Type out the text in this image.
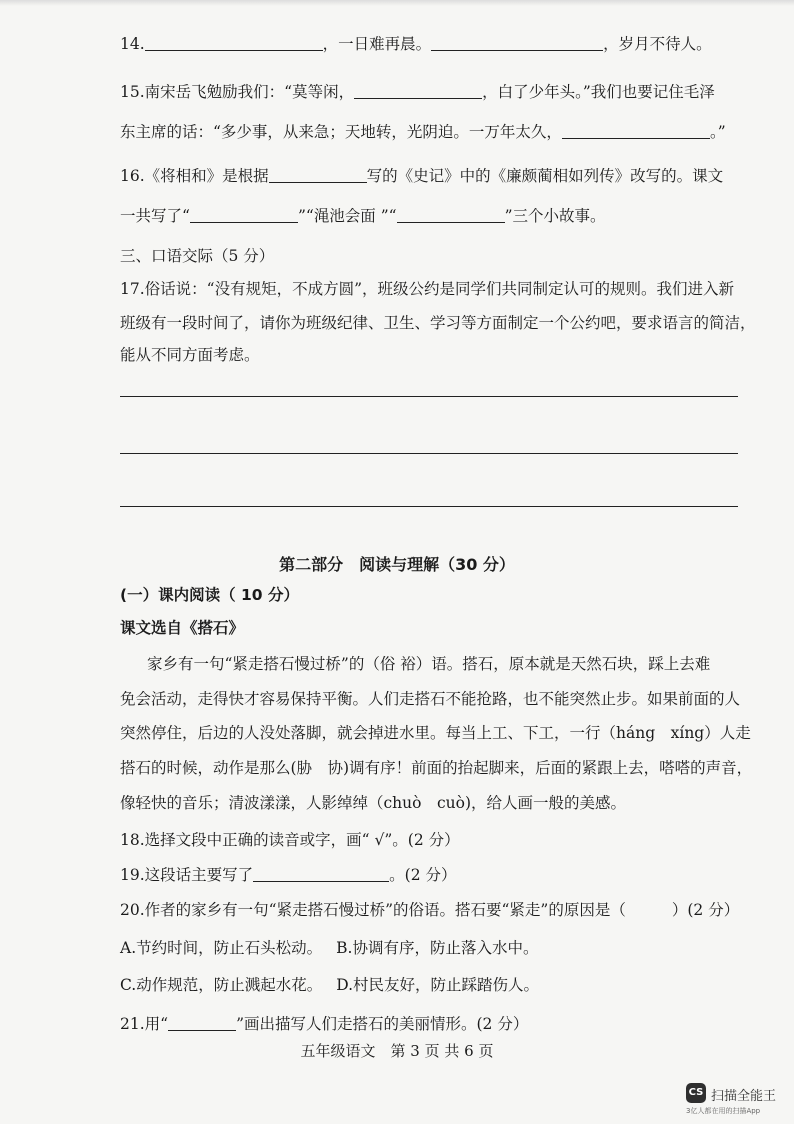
14.	，一日难再晨。	，岁月不待人。
15.南宋岳飞勉励我们：“莫等闲，	，白了少年头。”我们也要记住毛泽
东主席的话：“多少事，从来急；天地转，光阴迫。一万年太久，	。”
16.《将相和》是根据	写的《史记》中的《廉颇蔺相如列传》改写的。课文
一共写了“	”“渑池会面 ”“	”三个小故事。
三、口语交际（5 分）
17.俗话说：“没有规矩，不成方圆”，班级公约是同学们共同制定认可的规则。我们进入新
班级有一段时间了，请你为班级纪律、卫生、学习等方面制定一个公约吧，要求语言的简洁，
能从不同方面考虑。
第二部分　阅读与理解（30 分）
(一）课内阅读（ 10 分）
课文选自《搭石》
家乡有一句“紧走搭石慢过桥”的（俗 裕）语。搭石，原本就是天然石块，踩上去难
免会活动，走得快才容易保持平衡。人们走搭石不能抢路，也不能突然止步。如果前面的人
突然停住，后边的人没处落脚，就会掉进水里。每当上工、下工，一行（háng　xíng）人走
搭石的时候，动作是那么(胁　协)调有序！前面的抬起脚来，后面的紧跟上去，嗒嗒的声音，
像轻快的音乐；清波漾漾，人影绰绰（chuò　cuò)，给人画一般的美感。
18.选择文段中正确的读音或字，画“ √”。(2 分）
19.这段话主要写了	。(2 分）
20.作者的家乡有一句“紧走搭石慢过桥”的俗语。搭石要“紧走”的原因是（	）(2 分）
A.节约时间，防止石头松动。 B.协调有序，防止落入水中。
C.动作规范，防止溅起水花。 D.村民友好，防止踩踏伤人。
21.用“	”画出描写人们走搭石的美丽情形。(2 分）
五年级语文　第 3 页 共 6 页
CS 扫描全能王
3亿人都在用的扫描App
